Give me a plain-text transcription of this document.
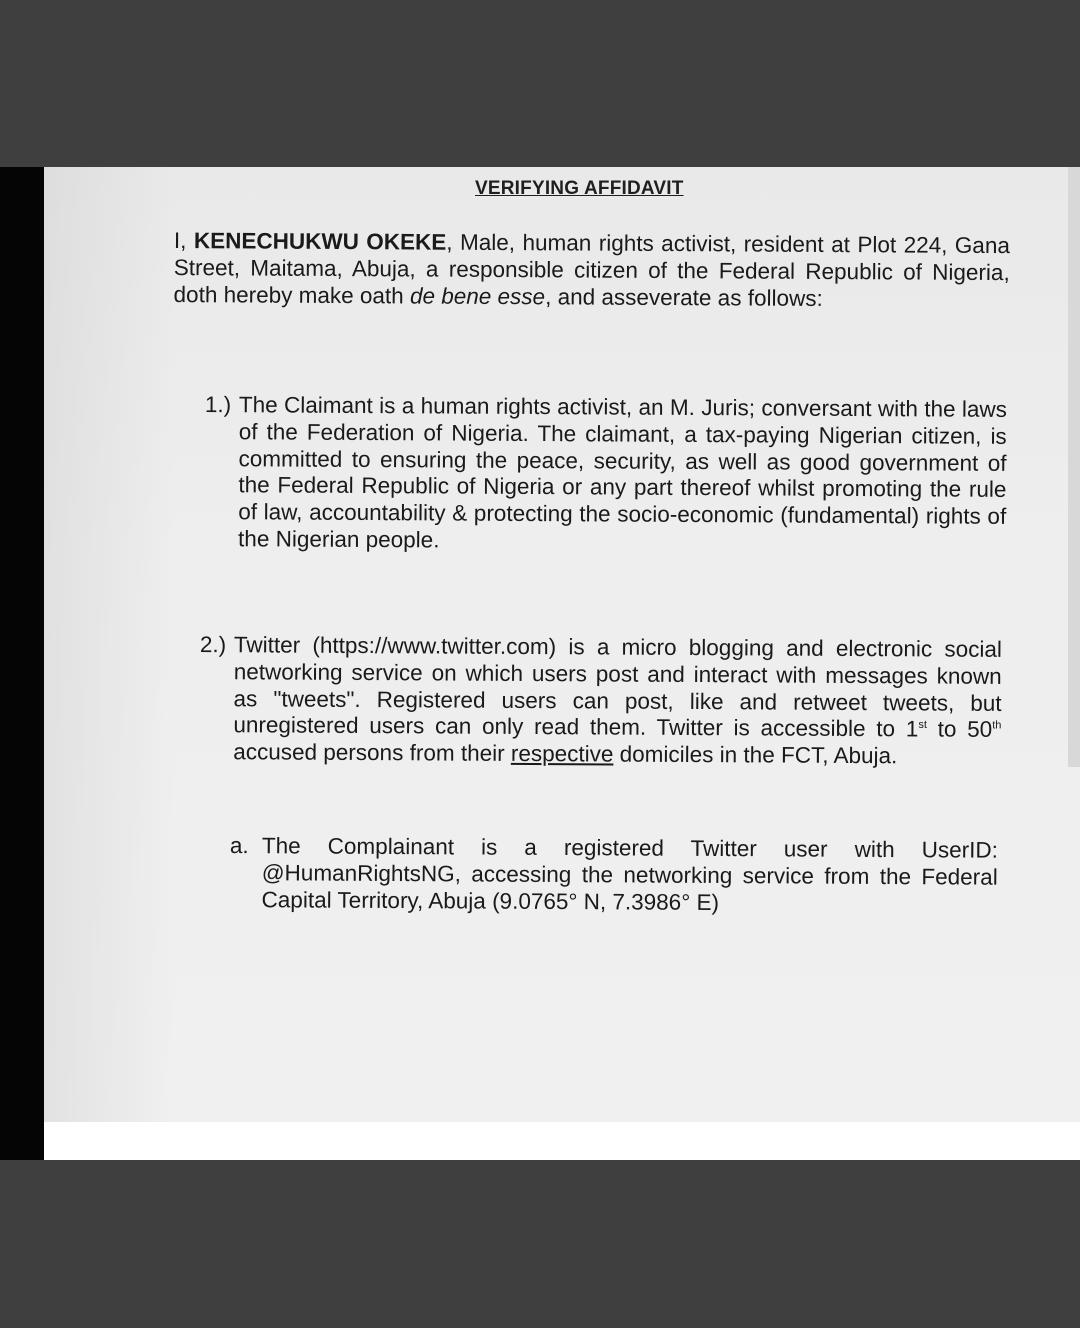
VERIFYING AFFIDAVIT
I, KENECHUKWU OKEKE, Male, human rights activist, resident at Plot 224, Gana Street, Maitama, Abuja, a responsible citizen of the Federal Republic of Nigeria, doth hereby make oath de bene esse, and asseverate as follows:
1.) The Claimant is a human rights activist, an M. Juris; conversant with the laws of the Federation of Nigeria. The claimant, a tax-paying Nigerian citizen, is committed to ensuring the peace, security, as well as good government of the Federal Republic of Nigeria or any part thereof whilst promoting the rule of law, accountability & protecting the socio-economic (fundamental) rights of the Nigerian people.
2.) Twitter (https://www.twitter.com) is a micro blogging and electronic social networking service on which users post and interact with messages known as "tweets". Registered users can post, like and retweet tweets, but unregistered users can only read them. Twitter is accessible to 1st to 50th accused persons from their respective domiciles in the FCT, Abuja.
a. The Complainant is a registered Twitter user with UserID: @HumanRightsNG, accessing the networking service from the Federal Capital Territory, Abuja (9.0765° N, 7.3986° E)
